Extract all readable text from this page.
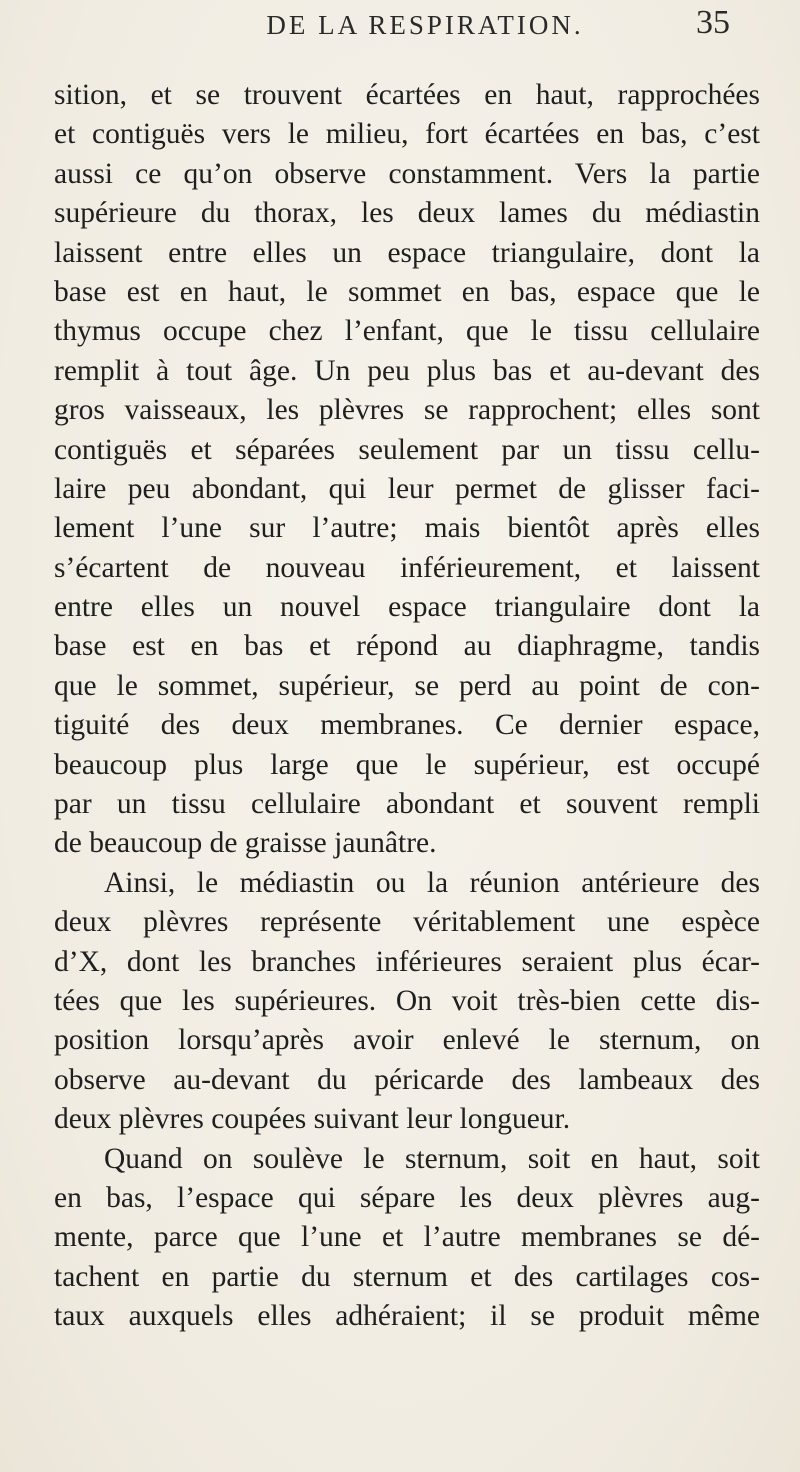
DE LA RESPIRATION.	35
sition, et se trouvent écartées en haut, rapprochées
et contiguës vers le milieu, fort écartées en bas, c’est
aussi ce qu’on observe constamment. Vers la partie
supérieure du thorax, les deux lames du médiastin
laissent entre elles un espace triangulaire, dont la
base est en haut, le sommet en bas, espace que le
thymus occupe chez l’enfant, que le tissu cellulaire
remplit à tout âge. Un peu plus bas et au-devant des
gros vaisseaux, les plèvres se rapprochent; elles sont
contiguës et séparées seulement par un tissu cellu-
laire peu abondant, qui leur permet de glisser faci-
lement l’une sur l’autre; mais bientôt après elles
s’écartent de nouveau inférieurement, et laissent
entre elles un nouvel espace triangulaire dont la
base est en bas et répond au diaphragme, tandis
que le sommet, supérieur, se perd au point de con-
tiguité des deux membranes. Ce dernier espace,
beaucoup plus large que le supérieur, est occupé
par un tissu cellulaire abondant et souvent rempli
de beaucoup de graisse jaunâtre.
Ainsi, le médiastin ou la réunion antérieure des
deux plèvres représente véritablement une espèce
d’X, dont les branches inférieures seraient plus écar-
tées que les supérieures. On voit très-bien cette dis-
position lorsqu’après avoir enlevé le sternum, on
observe au-devant du péricarde des lambeaux des
deux plèvres coupées suivant leur longueur.
Quand on soulève le sternum, soit en haut, soit
en bas, l’espace qui sépare les deux plèvres aug-
mente, parce que l’une et l’autre membranes se dé-
tachent en partie du sternum et des cartilages cos-
taux auxquels elles adhéraient; il se produit même
